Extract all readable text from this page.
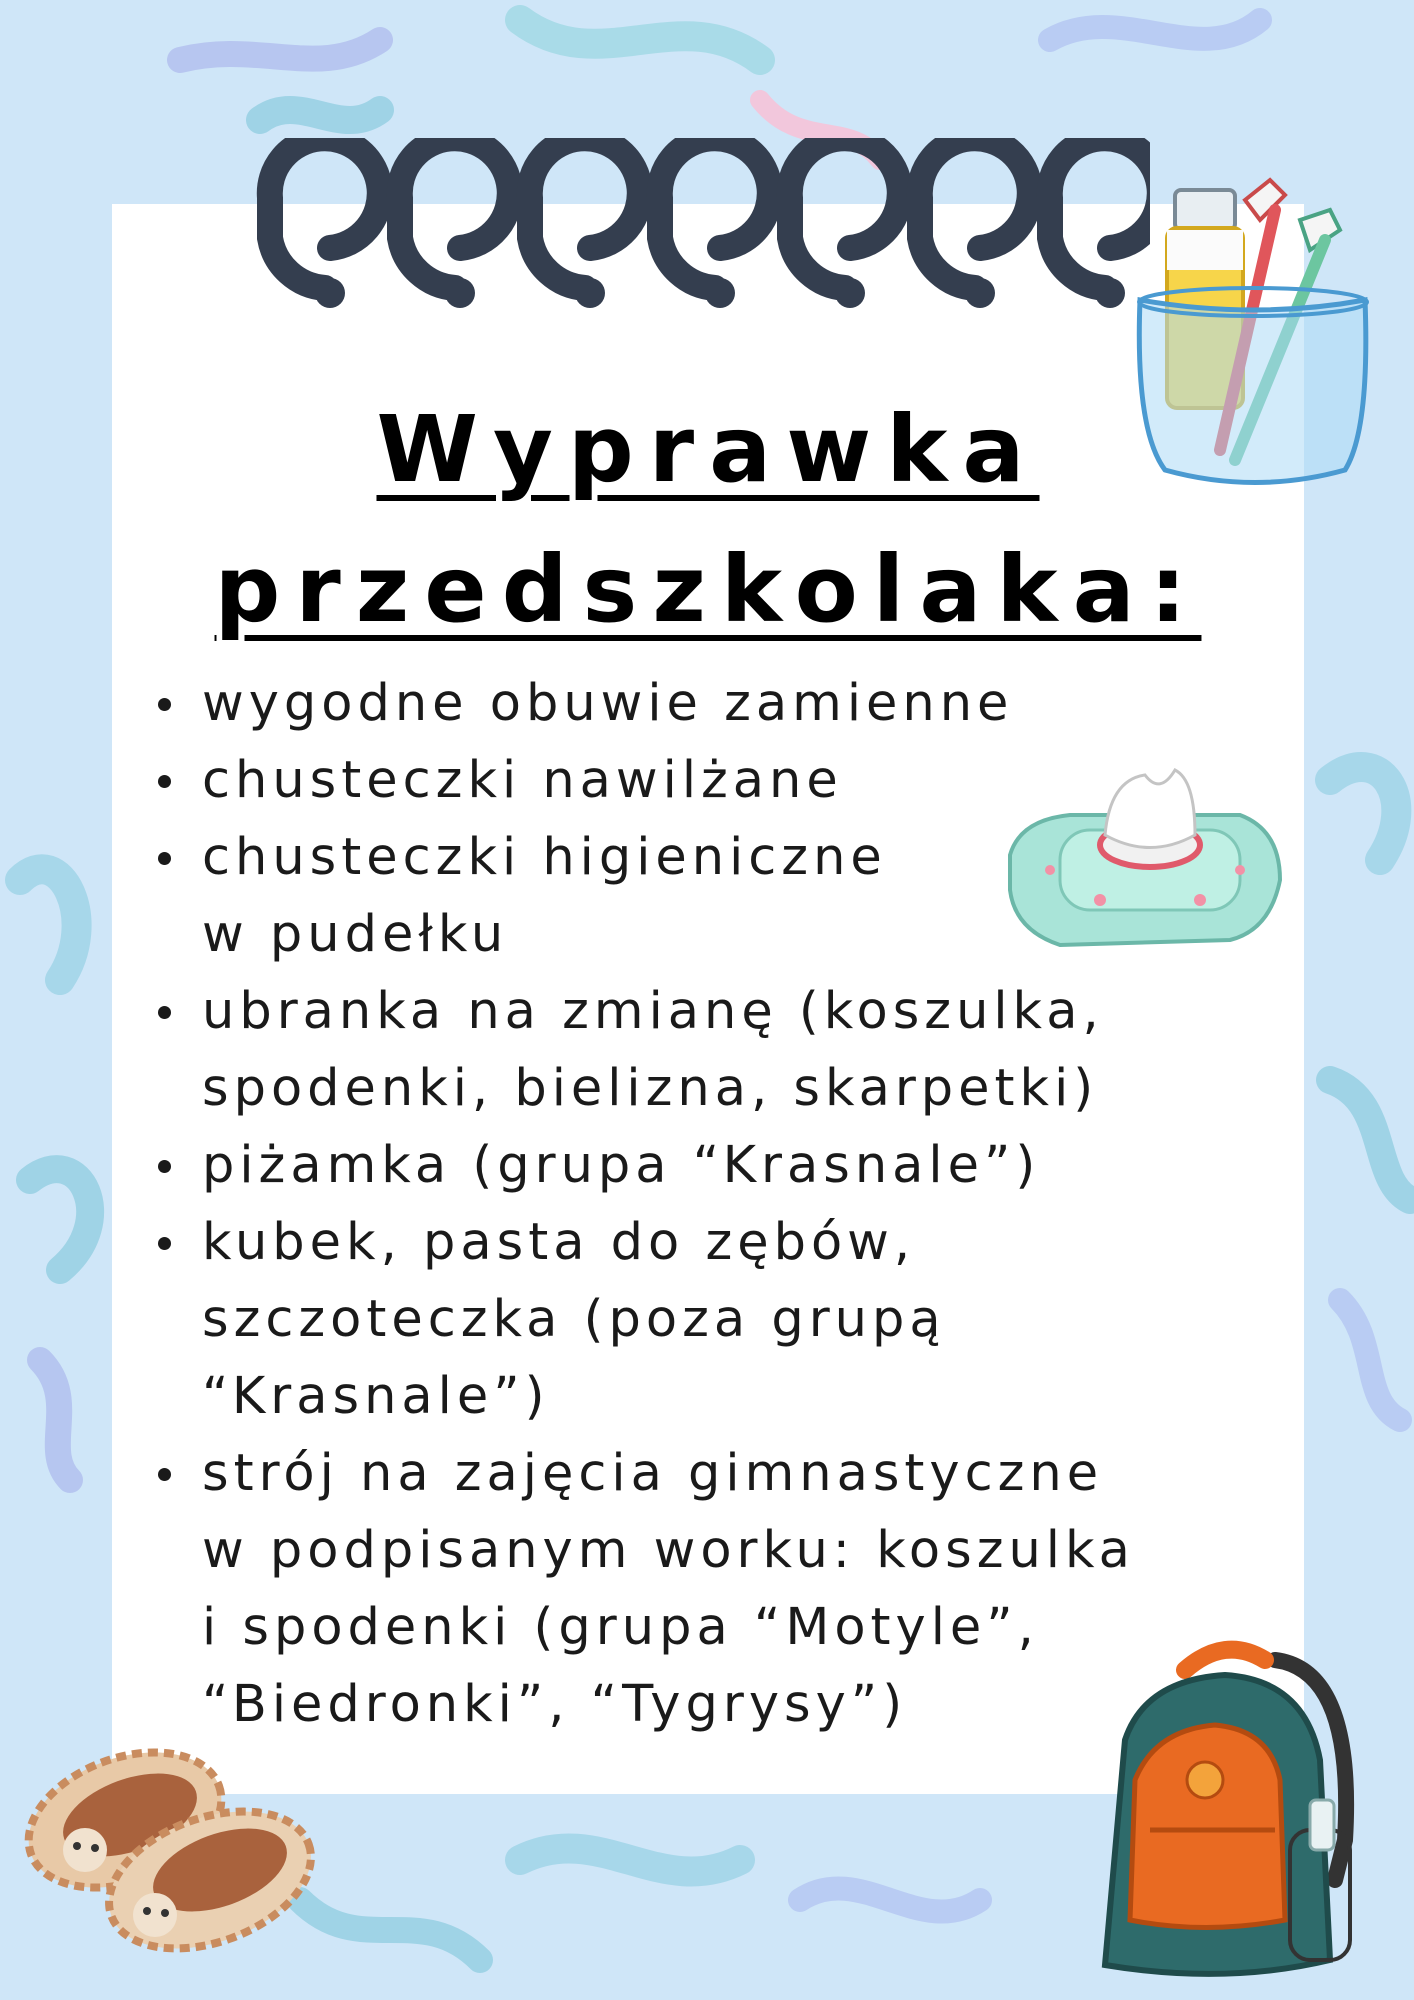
Wyprawka
przedszkolaka:
wygodne obuwie zamienne
chusteczki nawilżane
chusteczki higieniczne
w pudełku
ubranka na zmianę (koszulka,
spodenki, bielizna, skarpetki)
piżamka (grupa “Krasnale”)
kubek, pasta do zębów,
szczoteczka (poza grupą
“Krasnale”)
strój na zajęcia gimnastyczne
w podpisanym worku: koszulka
i spodenki (grupa “Motyle”,
“Biedronki”, “Tygrysy”)
